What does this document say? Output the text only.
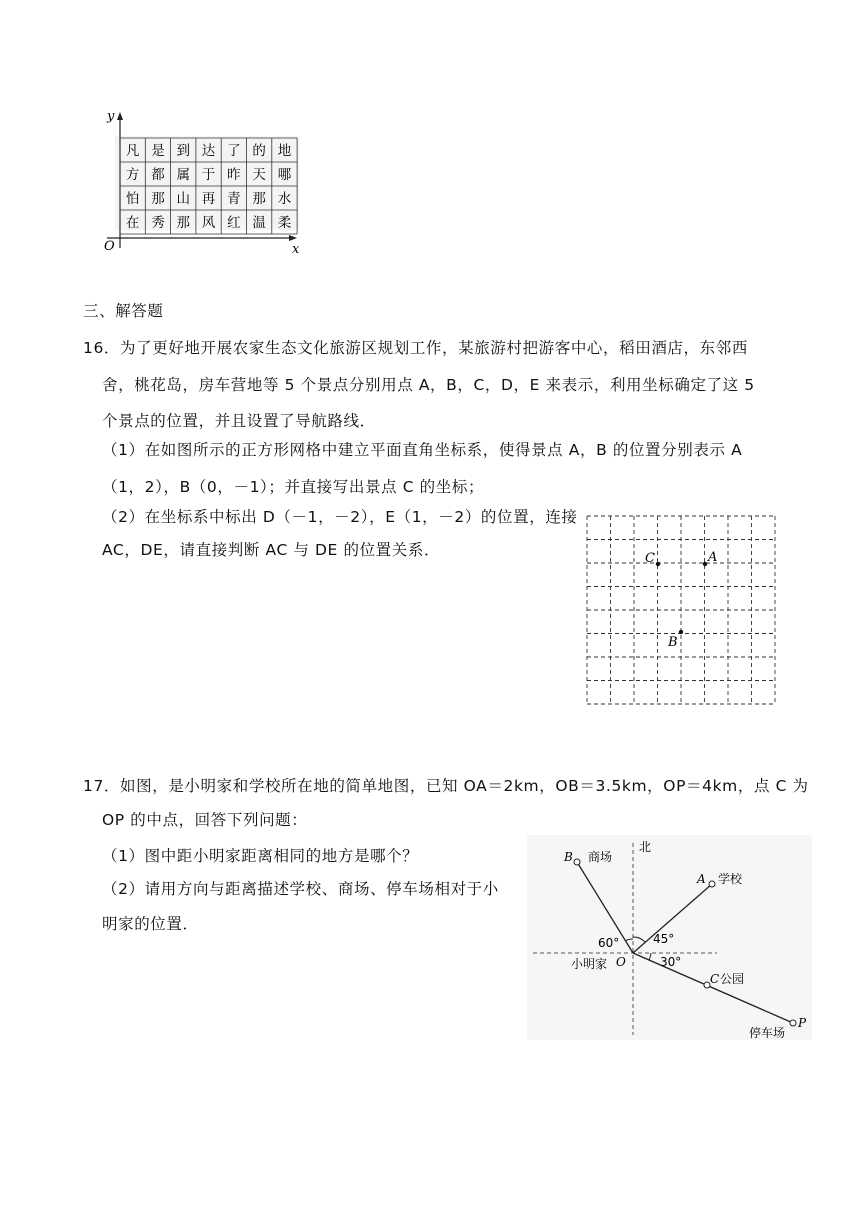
y
x
O
凡 是 到 达 了 的 地
方 都 属 于 昨 天 哪
怕 那 山 再 青 那 水
在 秀 那 风 红 温 柔
三、解答题
16．为了更好地开展农家生态文化旅游区规划工作，某旅游村把游客中心，稻田酒店，东邻西
舍，桃花岛，房车营地等 5 个景点分别用点 A，B，C，D，E 来表示，利用坐标确定了这 5
个景点的位置，并且设置了导航路线．
（1）在如图所示的正方形网格中建立平面直角坐标系，使得景点 A，B 的位置分别表示 A
（1，2），B（0，－1）；并直接写出景点 C 的坐标；
（2）在坐标系中标出 D（－1，－2），E（1，－2）的位置，连接
AC，DE，请直接判断 AC 与 DE 的位置关系．	C	A
B
17．如图，是小明家和学校所在地的简单地图，已知 OA＝2km，OB＝3.5km，OP＝4km，点 C 为
OP 的中点，回答下列问题：
（1）图中距小明家距离相同的地方是哪个？
（2）请用方向与距离描述学校、商场、停车场相对于小
明家的位置．
北
B 商场
A 学校
60°	45°
30°
小明家 O
C 公园
P
停车场
